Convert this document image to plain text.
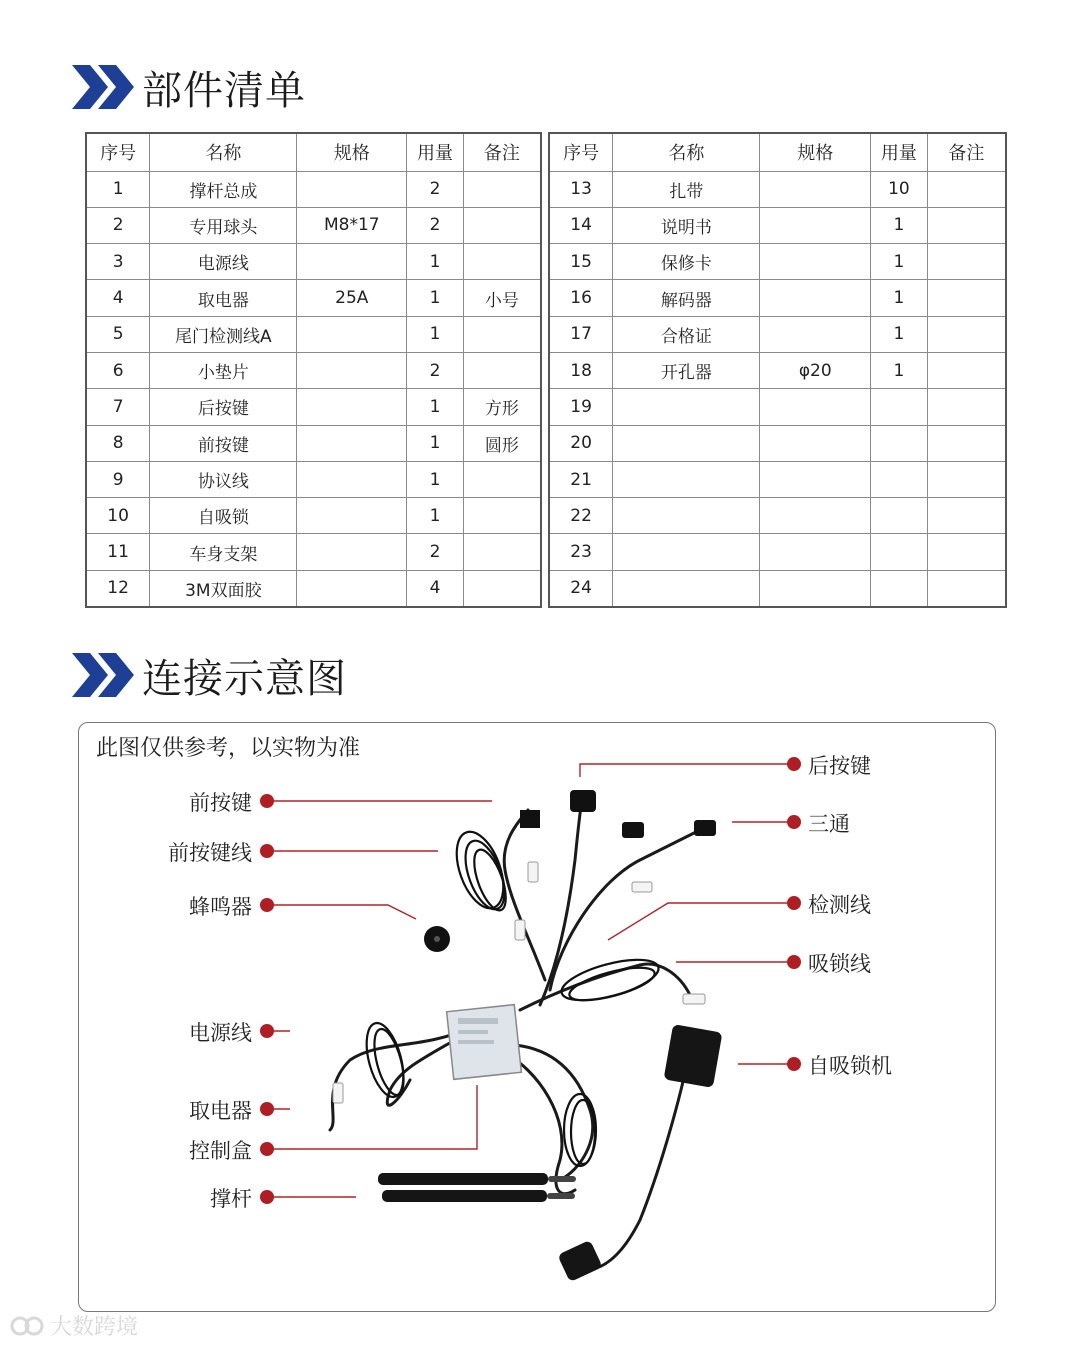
部件清单
序号	名称	规格	用量	备注
1	撑杆总成		2	
2	专用球头	M8*17	2	
3	电源线		1	
4	取电器	25A	1	小号
5	尾门检测线A		1	
6	小垫片		2	
7	后按键		1	方形
8	前按键		1	圆形
9	协议线		1	
10	自吸锁		1	
11	车身支架		2	
12	3M双面胶		4	
序号	名称	规格	用量	备注
13	扎带		10	
14	说明书		1	
15	保修卡		1	
16	解码器		1	
17	合格证		1	
18	开孔器	φ20	1	
19				
20				
21				
22				
23				
24				
连接示意图
此图仅供参考，以实物为准
前按键
前按键线
蜂鸣器
电源线
取电器
控制盒
撑杆
后按键
三通
检测线
吸锁线
自吸锁机
大数跨境
